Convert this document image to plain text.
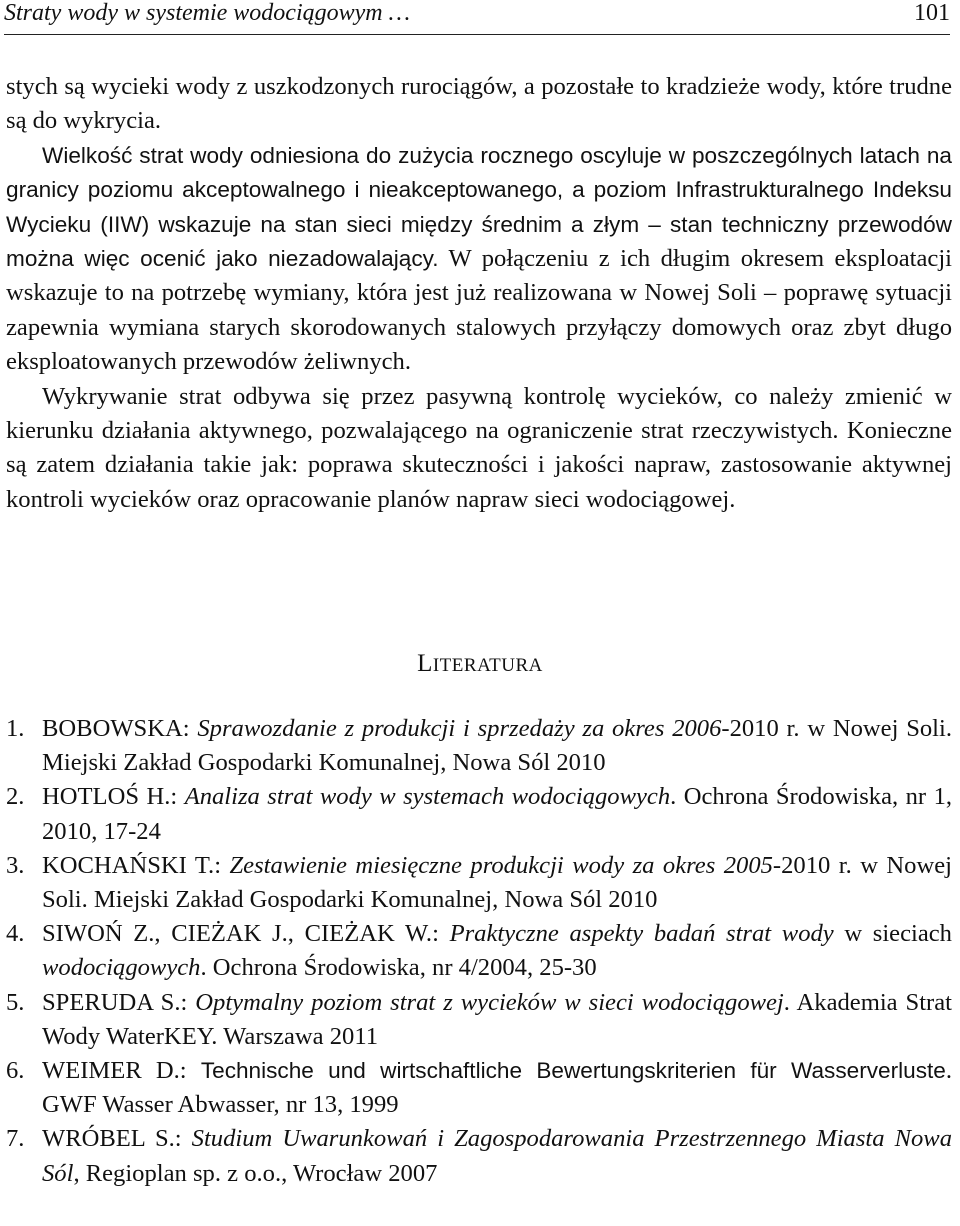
Straty wody w systemie wodociągowym …	101

stych są wycieki wody z uszkodzonych rurociągów, a pozostałe to kradzieże wody, które trudne są do wykrycia.

Wielkość strat wody odniesiona do zużycia rocznego oscyluje w poszczególnych latach na granicy poziomu akceptowalnego i nieakceptowanego, a poziom Infrastrukturalnego Indeksu Wycieku (IIW) wskazuje na stan sieci między średnim a złym – stan techniczny przewodów można więc ocenić jako niezadowalający. W połączeniu z ich długim okresem eksploatacji wskazuje to na potrzebę wymiany, która jest już realizowana w Nowej Soli – poprawę sytuacji zapewnia wymiana starych skorodowanych stalowych przyłączy domowych oraz zbyt długo eksploatowanych przewodów żeliwnych.

Wykrywanie strat odbywa się przez pasywną kontrolę wycieków, co należy zmienić w kierunku działania aktywnego, pozwalającego na ograniczenie strat rzeczywistych. Konieczne są zatem działania takie jak: poprawa skuteczności i jakości napraw, zastosowanie aktywnej kontroli wycieków oraz opracowanie planów napraw sieci wodociągowej.

LITERATURA
1. BOBOWSKA: Sprawozdanie z produkcji i sprzedaży za okres 2006-2010 r. w Nowej Soli. Miejski Zakład Gospodarki Komunalnej, Nowa Sól 2010
2. HOTLOŚ H.: Analiza strat wody w systemach wodociągowych. Ochrona Środowiska, nr 1, 2010, 17-24
3. KOCHAŃSKI T.: Zestawienie miesięczne produkcji wody za okres 2005-2010 r. w Nowej Soli. Miejski Zakład Gospodarki Komunalnej, Nowa Sól 2010
4. SIWOŃ Z., CIEŻAK J., CIEŻAK W.: Praktyczne aspekty badań strat wody w sieciach wodociągowych. Ochrona Środowiska, nr 4/2004, 25-30
5. SPERUDA S.: Optymalny poziom strat z wycieków w sieci wodociągowej. Akademia Strat Wody WaterKEY. Warszawa 2011
6. WEIMER D.: Technische und wirtschaftliche Bewertungskriterien für Wasserverluste. GWF Wasser Abwasser, nr 13, 1999
7. WRÓBEL S.: Studium Uwarunkowań i Zagospodarowania Przestrzennego Miasta Nowa Sól, Regioplan sp. z o.o., Wrocław 2007
